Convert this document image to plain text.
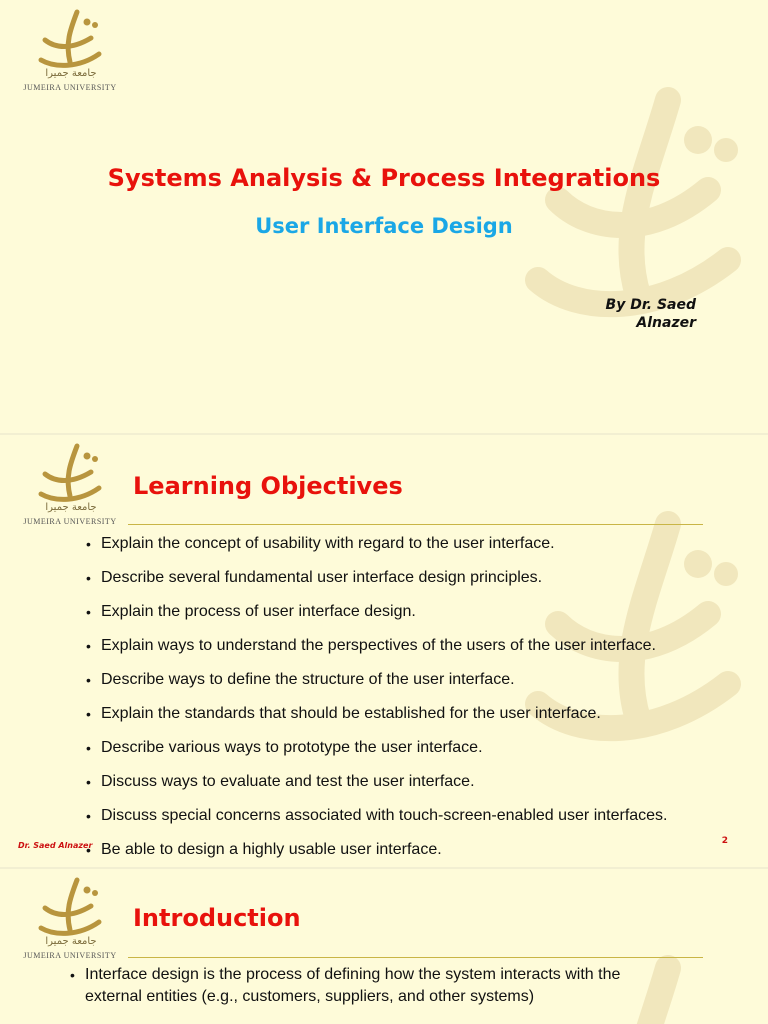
جامعة جميرا
JUMEIRA UNIVERSITY
Systems Analysis & Process Integrations
User Interface Design
By Dr. Saed
Alnazer
جامعة جميرا
JUMEIRA UNIVERSITY
Learning Objectives
• Explain the concept of usability with regard to the user interface.
• Describe several fundamental user interface design principles.
• Explain the process of user interface design.
• Explain ways to understand the perspectives of the users of the user interface.
• Describe ways to define the structure of the user interface.
• Explain the standards that should be established for the user interface.
• Describe various ways to prototype the user interface.
• Discuss ways to evaluate and test the user interface.
• Discuss special concerns associated with touch-screen-enabled user interfaces.
• Be able to design a highly usable user interface.
Dr. Saed Alnazer	2
جامعة جميرا
JUMEIRA UNIVERSITY
Introduction
• Interface design is the process of defining how the system interacts with the external entities (e.g., customers, suppliers, and other systems)
